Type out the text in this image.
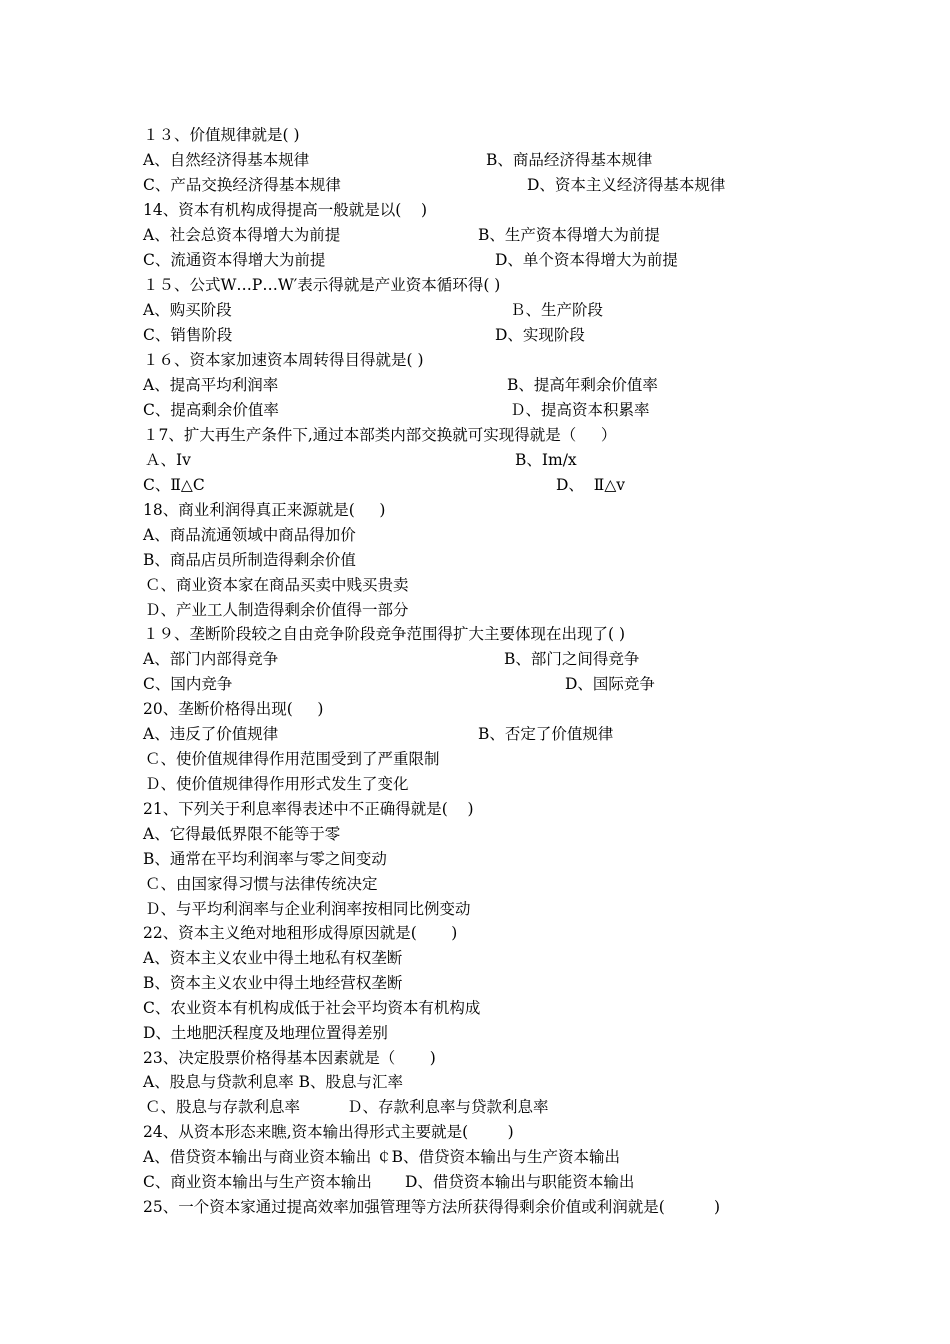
１３、价值规律就是( )
A、自然经济得基本规律	B、商品经济得基本规律
C、产品交换经济得基本规律	D、资本主义经济得基本规律
14、资本有机构成得提高一般就是以(    )
A、社会总资本得增大为前提	B、生产资本得增大为前提
C、流通资本得增大为前提	D、单个资本得增大为前提
１５、公式W…P…W′表示得就是产业资本循环得( )
A、购买阶段	Ｂ、生产阶段
C、销售阶段	D、实现阶段
１６、资本家加速资本周转得目得就是( )
A、提高平均利润率	B、提高年剩余价值率
C、提高剩余价值率	Ｄ、提高资本积累率
１7、扩大再生产条件下,通过本部类内部交换就可实现得就是（     ）
Ａ、Ⅰv	B、Ⅰm/x
C、Ⅱ△C	D、  Ⅱ△v
18、商业利润得真正来源就是(     )
A、商品流通领域中商品得加价
B、商品店员所制造得剩余价值
Ｃ、商业资本家在商品买卖中贱买贵卖
Ｄ、产业工人制造得剩余价值得一部分
１９、垄断阶段较之自由竞争阶段竞争范围得扩大主要体现在出现了( )
A、部门内部得竞争	B、部门之间得竞争
C、国内竞争	D、国际竞争
20、垄断价格得出现(     )
A、违反了价值规律	B、否定了价值规律
Ｃ、使价值规律得作用范围受到了严重限制
Ｄ、使价值规律得作用形式发生了变化
21、下列关于利息率得表述中不正确得就是(    )
A、它得最低界限不能等于零
B、通常在平均利润率与零之间变动
Ｃ、由国家得习惯与法律传统决定
Ｄ、与平均利润率与企业利润率按相同比例变动
22、资本主义绝对地租形成得原因就是(       )
A、资本主义农业中得土地私有权垄断
B、资本主义农业中得土地经营权垄断
C、农业资本有机构成低于社会平均资本有机构成
D、土地肥沃程度及地理位置得差别
23、决定股票价格得基本因素就是（       )
A、股息与贷款利息率 B、股息与汇率
Ｃ、股息与存款利息率	Ｄ、存款利息率与贷款利息率
24、从资本形态来瞧,资本输出得形式主要就是(        )
A、借贷资本输出与商业资本输出 ￠B、借贷资本输出与生产资本输出
C、商业资本输出与生产资本输出 D、借贷资本输出与职能资本输出
25、一个资本家通过提高效率加强管理等方法所获得得剩余价值或利润就是(          )
